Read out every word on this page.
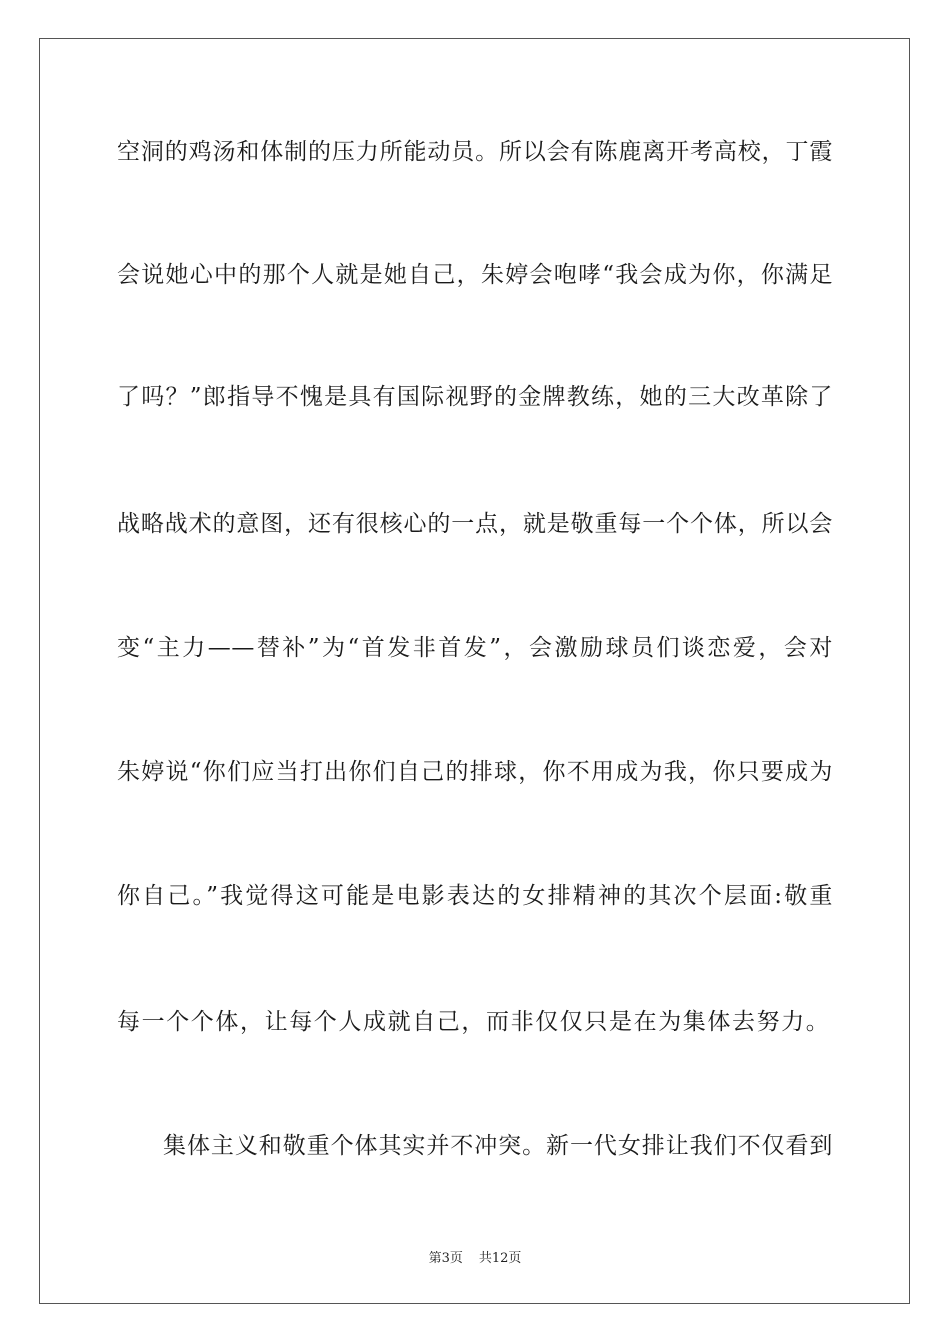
空洞的鸡汤和体制的压力所能动员。所以会有陈鹿离开考高校，丁霞
会说她心中的那个人就是她自己，朱婷会咆哮“我会成为你，你满足
了吗？”郎指导不愧是具有国际视野的金牌教练，她的三大改革除了
战略战术的意图，还有很核心的一点，就是敬重每一个个体，所以会
变“主力——替补”为“首发非首发”，会激励球员们谈恋爱，会对
朱婷说“你们应当打出你们自己的排球，你不用成为我，你只要成为
你自己。”我觉得这可能是电影表达的女排精神的其次个层面:敬重
每一个个体，让每个人成就自己，而非仅仅只是在为集体去努力。
集体主义和敬重个体其实并不冲突。新一代女排让我们不仅看到
第3页 共12页
